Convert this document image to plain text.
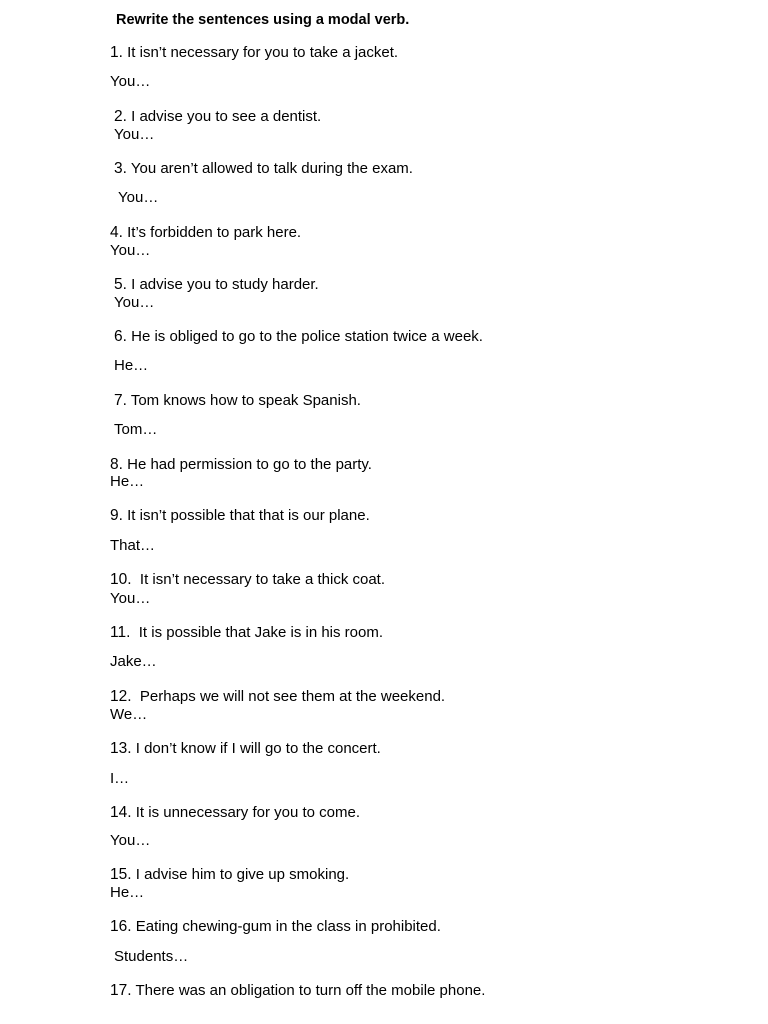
Rewrite the sentences using a modal verb.
1. It isn’t necessary for you to take a jacket.
You…
2. I advise you to see a dentist.
You…
3. You aren’t allowed to talk during the exam.
You…
4. It’s forbidden to park here.
You…
5. I advise you to study harder.
You…
6. He is obliged to go to the police station twice a week.
He…
7. Tom knows how to speak Spanish.
Tom…
8. He had permission to go to the party.
He…
9. It isn’t possible that that is our plane.
That…
10. It isn’t necessary to take a thick coat.
You…
11. It is possible that Jake is in his room.
Jake…
12. Perhaps we will not see them at the weekend.
We…
13. I don’t know if I will go to the concert.
I…
14. It is unnecessary for you to come.
You…
15. I advise him to give up smoking.
He…
16. Eating chewing-gum in the class in prohibited.
Students…
17. There was an obligation to turn off the mobile phone.
